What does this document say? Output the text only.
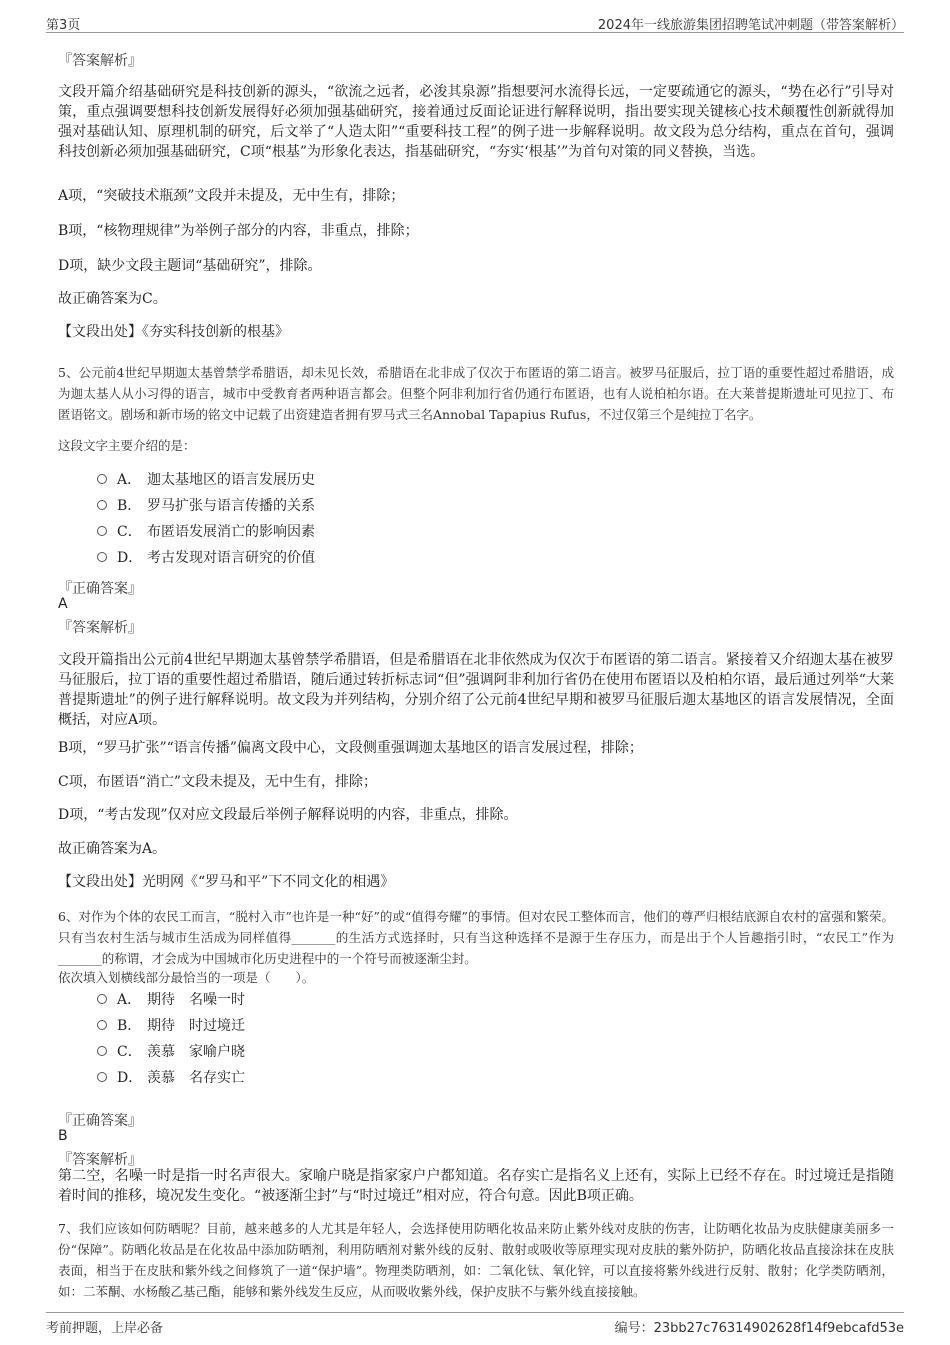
第3页	2024年一线旅游集团招聘笔试冲刺题（带答案解析）
『答案解析』
文段开篇介绍基础研究是科技创新的源头，“欲流之远者，必浚其泉源”指想要河水流得长远，一定要疏通它的源头，“势在必行”引导对策，重点强调要想科技创新发展得好必须加强基础研究，接着通过反面论证进行解释说明，指出要实现关键核心技术颠覆性创新就得加强对基础认知、原理机制的研究，后文举了“人造太阳”“重要科技工程”的例子进一步解释说明。故文段为总分结构，重点在首句，强调科技创新必须加强基础研究，C项“根基”为形象化表达，指基础研究，“夯实‘根基’”为首句对策的同义替换，当选。
A项，“突破技术瓶颈”文段并未提及，无中生有，排除；
B项，“核物理规律”为举例子部分的内容，非重点，排除；
D项，缺少文段主题词“基础研究”，排除。
故正确答案为C。
【文段出处】《夯实科技创新的根基》
5、公元前4世纪早期迦太基曾禁学希腊语，却未见长效，希腊语在北非成了仅次于布匿语的第二语言。被罗马征服后，拉丁语的重要性超过希腊语，成为迦太基人从小习得的语言，城市中受教育者两种语言都会。但整个阿非利加行省仍通行布匿语，也有人说柏柏尔语。在大莱普提斯遗址可见拉丁、布匿语铭文。剧场和新市场的铭文中记载了出资建造者拥有罗马式三名Annobal Tapapius Rufus，不过仅第三个是纯拉丁名字。
这段文字主要介绍的是：
A． 迦太基地区的语言发展历史
B． 罗马扩张与语言传播的关系
C． 布匿语发展消亡的影响因素
D． 考古发现对语言研究的价值
『正确答案』
A
『答案解析』
文段开篇指出公元前4世纪早期迦太基曾禁学希腊语，但是希腊语在北非依然成为仅次于布匿语的第二语言。紧接着又介绍迦太基在被罗马征服后，拉丁语的重要性超过希腊语，随后通过转折标志词“但”强调阿非利加行省仍在使用布匿语以及柏柏尔语，最后通过列举“大莱普提斯遗址”的例子进行解释说明。故文段为并列结构，分别介绍了公元前4世纪早期和被罗马征服后迦太基地区的语言发展情况，全面概括，对应A项。
B项，“罗马扩张”“语言传播”偏离文段中心，文段侧重强调迦太基地区的语言发展过程，排除；
C项，布匿语“消亡”文段未提及，无中生有，排除；
D项，“考古发现”仅对应文段最后举例子解释说明的内容，非重点，排除。
故正确答案为A。
【文段出处】光明网《“罗马和平”下不同文化的相遇》
6、对作为个体的农民工而言，“脱村入市”也许是一种“好”的或“值得夸耀”的事情。但对农民工整体而言，他们的尊严归根结底源自农村的富强和繁荣。只有当农村生活与城市生活成为同样值得_______的生活方式选择时，只有当这种选择不是源于生存压力，而是出于个人旨趣指引时，“农民工”作为_______的称谓，才会成为中国城市化历史进程中的一个符号而被逐渐尘封。
依次填入划横线部分最恰当的一项是（　　）。
A． 期待　名噪一时
B． 期待　时过境迁
C． 羡慕　家喻户晓
D． 羡慕　名存实亡
『正确答案』
B
『答案解析』
第二空，名噪一时是指一时名声很大。家喻户晓是指家家户户都知道。名存实亡是指名义上还有，实际上已经不存在。时过境迁是指随着时间的推移，境况发生变化。“被逐渐尘封”与“时过境迁”相对应，符合句意。因此B项正确。
7、我们应该如何防晒呢？目前，越来越多的人尤其是年轻人，会选择使用防晒化妆品来防止紫外线对皮肤的伤害，让防晒化妆品为皮肤健康美丽多一份“保障”。防晒化妆品是在化妆品中添加防晒剂，利用防晒剂对紫外线的反射、散射或吸收等原理实现对皮肤的紫外防护，防晒化妆品直接涂抹在皮肤表面，相当于在皮肤和紫外线之间修筑了一道“保护墙”。物理类防晒剂，如：二氧化钛、氧化锌，可以直接将紫外线进行反射、散射；化学类防晒剂，如：二苯酮、水杨酸乙基己酯，能够和紫外线发生反应，从而吸收紫外线，保护皮肤不与紫外线直接接触。
考前押题，上岸必备	编号：23bb27c76314902628f14f9ebcafd53e
